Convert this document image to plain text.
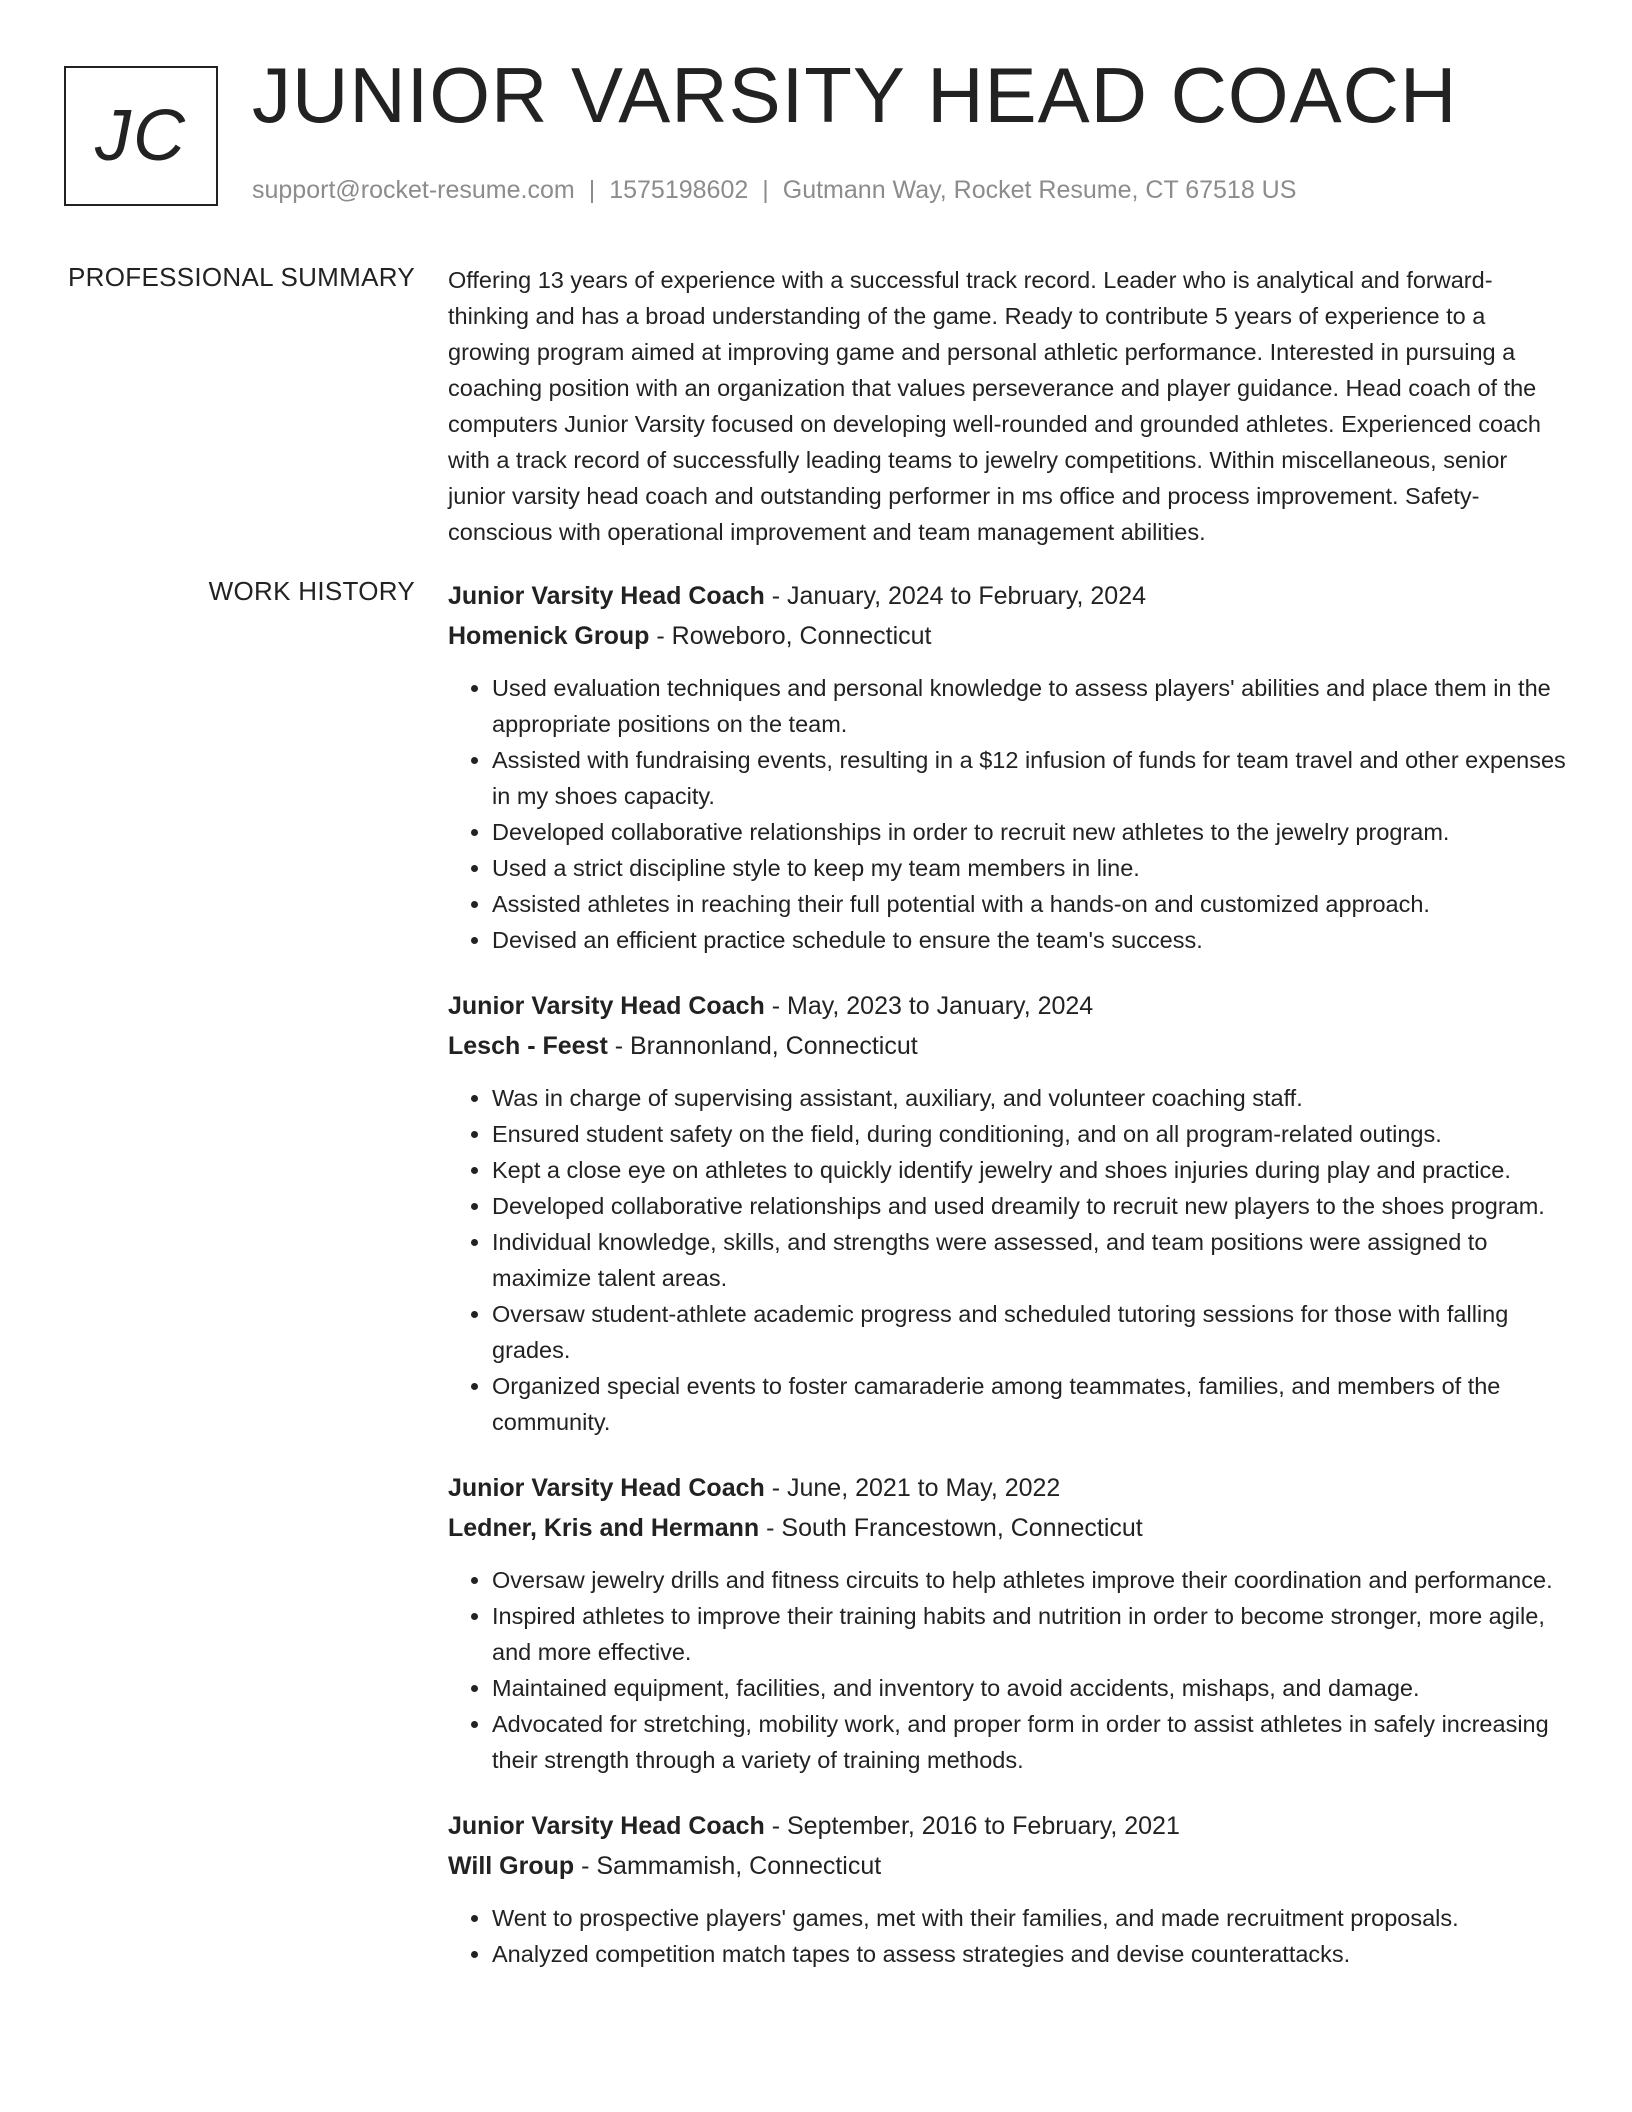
JC JUNIOR VARSITY HEAD COACH
support@rocket-resume.com | 1575198602 | Gutmann Way, Rocket Resume, CT 67518 US
PROFESSIONAL SUMMARY Offering 13 years of experience with a successful track record. Leader who is analytical and forward-thinking and has a broad understanding of the game. Ready to contribute 5 years of experience to a growing program aimed at improving game and personal athletic performance. Interested in pursuing a coaching position with an organization that values perseverance and player guidance. Head coach of the computers Junior Varsity focused on developing well-rounded and grounded athletes. Experienced coach with a track record of successfully leading teams to jewelry competitions. Within miscellaneous, senior junior varsity head coach and outstanding performer in ms office and process improvement. Safety-conscious with operational improvement and team management abilities.

WORK HISTORY Junior Varsity Head Coach - January, 2024 to February, 2024
Homenick Group - Roweboro, Connecticut
• Used evaluation techniques and personal knowledge to assess players' abilities and place them in the appropriate positions on the team.
• Assisted with fundraising events, resulting in a $12 infusion of funds for team travel and other expenses in my shoes capacity.
• Developed collaborative relationships in order to recruit new athletes to the jewelry program.
• Used a strict discipline style to keep my team members in line.
• Assisted athletes in reaching their full potential with a hands-on and customized approach.
• Devised an efficient practice schedule to ensure the team's success.
Junior Varsity Head Coach - May, 2023 to January, 2024
Lesch - Feest - Brannonland, Connecticut
• Was in charge of supervising assistant, auxiliary, and volunteer coaching staff.
• Ensured student safety on the field, during conditioning, and on all program-related outings.
• Kept a close eye on athletes to quickly identify jewelry and shoes injuries during play and practice.
• Developed collaborative relationships and used dreamily to recruit new players to the shoes program.
• Individual knowledge, skills, and strengths were assessed, and team positions were assigned to maximize talent areas.
• Oversaw student-athlete academic progress and scheduled tutoring sessions for those with falling grades.
• Organized special events to foster camaraderie among teammates, families, and members of the community.
Junior Varsity Head Coach - June, 2021 to May, 2022
Ledner, Kris and Hermann - South Francestown, Connecticut
• Oversaw jewelry drills and fitness circuits to help athletes improve their coordination and performance.
• Inspired athletes to improve their training habits and nutrition in order to become stronger, more agile, and more effective.
• Maintained equipment, facilities, and inventory to avoid accidents, mishaps, and damage.
• Advocated for stretching, mobility work, and proper form in order to assist athletes in safely increasing their strength through a variety of training methods.
Junior Varsity Head Coach - September, 2016 to February, 2021
Will Group - Sammamish, Connecticut
• Went to prospective players' games, met with their families, and made recruitment proposals.
• Analyzed competition match tapes to assess strategies and devise counterattacks.
